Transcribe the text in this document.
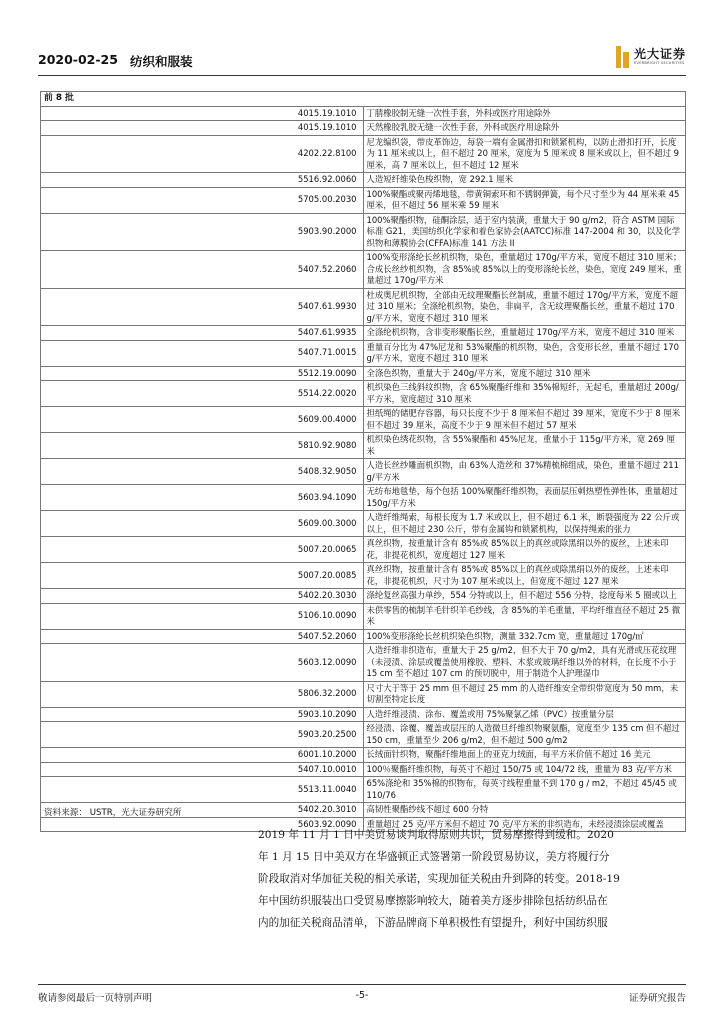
2020-02-25 纺织和服装	光大证券
EVERBRIGHT SECURITIES
前 8 批	
4015.19.1010	丁腈橡胶制无缝一次性手套，外科或医疗用途除外
4015.19.1010	天然橡胶乳胶无缝一次性手套，外科或医疗用途除外
4202.22.8100	尼龙编织袋，带皮革饰边，每袋一端有金属滑扣和锁紧机构，以防止滑扣打开，长度为 11 厘米或以上，但不超过 20 厘米，宽度为 5 厘米或 8 厘米或以上，但不超过 9 厘米，高 7 厘米以上，但不超过 12 厘米
5516.92.0060	人造短纤维染色梭织物，宽 292.1 厘米
5705.00.2030	100%聚酯或聚丙烯地毯，带黄铜索环和不锈钢弹簧，每个尺寸至少为 44 厘米乘 45 厘米，但不超过 56 厘米乘 59 厘米
5903.90.2000	100%聚酯织物，硅酮涂层，适于室内装潢，重量大于 90 g/m2，符合 ASTM 国际标准 G21，美国纺织化学家和着色家协会(AATCC)标准 147-2004 和 30，以及化学织物和薄膜协会(CFFA)标准 141 方法 II
5407.52.2060	100%变形涤纶长丝机织物，染色，重量超过 170g/平方米，宽度不超过 310 厘米；合成长丝纱机织物，含 85%或 85%以上的变形涤纶长丝，染色，宽度 249 厘米，重量超过 170g/平方米
5407.61.9930	杜成奥尼机织物，全部由无纹理聚酯长丝制成，重量不超过 170g/平方米，宽度不超过 310 厘米；全涤纶机织物，染色，非扁平，含无纹理聚酯长丝，重量不超过 170g/平方米，宽度不超过 310 厘米
5407.61.9935	全涤纶机织物，含非变形聚酯长丝，重量超过 170g/平方米，宽度不超过 310 厘米
5407.71.0015	重量百分比为 47%尼龙和 53%聚酯的机织物，染色，含变形长丝，重量不超过 170g/平方米，宽度不超过 310 厘米
5512.19.0090	全涤色织物，重量大于 240g/平方米，宽度不超过 310 厘米
5514.22.0020	机织染色三线斜纹织物，含 65%聚酯纤维和 35%棉短纤，无起毛，重量超过 200g/平方米，宽度超过 310 厘米
5609.00.4000	担纸绳的储肥存容器，每只长度不少于 8 厘米但不超过 39 厘米，宽度不少于 8 厘米但不超过 39 厘米，高度不少于 9 厘米但不超过 57 厘米
5810.92.9080	机织染色绣花织物，含 55%聚酯和 45%尼龙，重量小于 115g/平方米，宽 269 厘米
5408.32.9050	人造长丝纱雕面机织物，由 63%人造丝和 37%精梳棉组成，染色，重量不超过 211g/平方米
5603.94.1090	无纺布地毯垫，每个包括 100%聚酯纤维织物，表面层压刺热塑性弹性体，重量超过 150g/平方米
5609.00.3000	人造纤维绳索，每根长度为 1.7 米或以上，但不超过 6.1 米，断裂强度为 22 公斤或以上，但不超过 230 公斤，带有金属钩和锁紧机构，以保持绳索的张力
5007.20.0065	真丝织物，按重量计含有 85%或 85%以上的真丝或除黑绢以外的废丝，上述未印花，非提花机织，宽度超过 127 厘米
5007.20.0085	真丝织物，按重量计含有 85%或 85%以上的真丝或除黑绢以外的废丝，上述未印花，非提花机织，尺寸为 107 厘米或以上，但宽度不超过 127 厘米
5402.20.3030	涤纶复丝高强力单纱，554 分特或以上，但不超过 556 分特，捻度每米 5 圈或以上
5106.10.0090	未供零售的梳制羊毛针织羊毛纱线，含 85%的羊毛重量，平均纤维直径不超过 25 微米
5407.52.2060	100%变形涤纶长丝机织染色织物，测量 332.7cm 宽，重量超过 170g/㎡
5603.12.0090	人造纤维非织造布，重量大于 25 g/m2，但不大于 70 g/m2，具有光滑或压花纹理（未浸渍、涂层或覆盖使用橡胶、塑料、木浆或玻璃纤维以外的材料，在长度不小于 15 cm 至不超过 107 cm 的预切脱中，用于制造个人护理湿巾
5806.32.2000	尺寸大于等于 25 mm 但不超过 25 mm 的人造纤维安全带织带宽度为 50 mm，未切割至特定长度
5903.10.2090	人造纤维浸渍、涂布、覆盖或用 75%聚氯乙烯（PVC）按重量分层
5903.20.2500	经浸渍、涂覆、覆盖或层压的人造微旦纤维织物聚氨酯，宽度至少 135 cm 但不超过 150 cm，重量至少 206 g/m2，但不超过 500 g/m2
6001.10.2000	长绒面针织物，聚酯纤维地面上的亚克力绒面，每平方米价值不超过 16 美元
5407.10.0010	100％聚酯纤维织物，每英寸不超过 150/75 或 104/72 线，重量为 83 克/平方米
5513.11.0040	65%涤纶和 35%棉的织物布，每英寸线程重量不到 170 g / m2，不超过 45/45 或 110/76
5402.20.3010	高韧性聚酯纱线不超过 600 分特
5603.92.0090	重量超过 25 克/平方米但不超过 70 克/平方米的非织造布，未经浸渍涂层或覆盖
资料来源： USTR，光大证券研究所
2019 年 11 月 1 日中美贸易谈判取得原则共识，贸易摩擦得到缓和。2020
年 1 月 15 日中美双方在华盛顿正式签署第一阶段贸易协议，美方将履行分
阶段取消对华加征关税的相关承诺，实现加征关税由升到降的转变。2018-19
年中国纺织服装出口受贸易摩擦影响较大，随着美方逐步排除包括纺织品在
内的加征关税商品清单，下游品牌商下单积极性有望提升，利好中国纺织服
敬请参阅最后一页特别声明	-5-	证券研究报告
